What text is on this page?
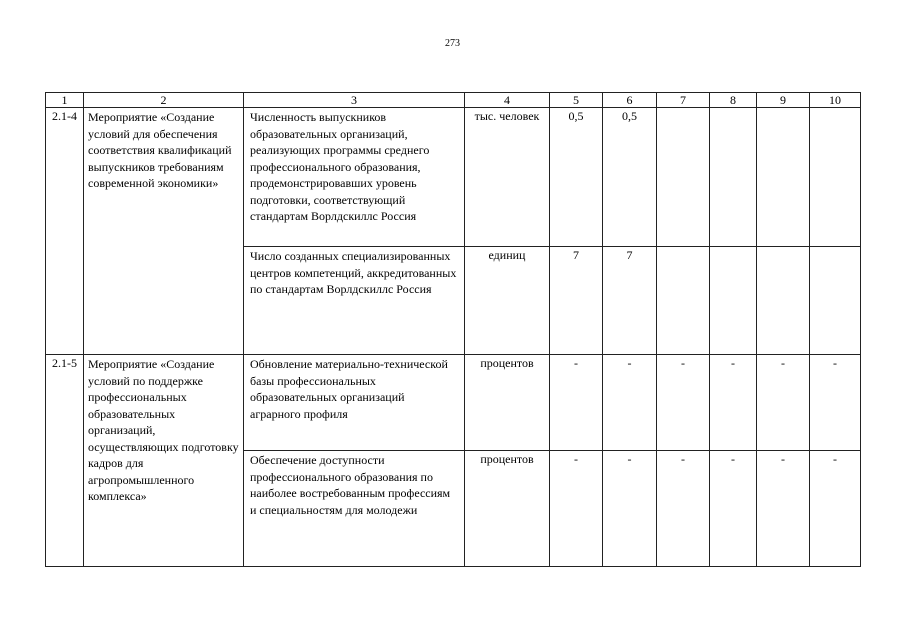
273
1	2	3	4	5	6	7	8	9	10
2.1-4	Мероприятие «Создание условий для обеспечения соответствия квалификаций выпускников требованиям современной экономики»	Численность выпускников образовательных организаций, реализующих программы среднего профессионального образования, продемонстрировавших уровень подготовки, соответствующий стандартам Ворлдскиллс Россия	тыс. человек	0,5	0,5				
		Число созданных специализированных центров компетенций, аккредитованных по стандартам Ворлдскиллс Россия	единиц	7	7				
2.1-5	Мероприятие «Создание условий по поддержке профессиональных образовательных организаций, осуществляющих подготовку кадров для агропромышленного комплекса»	Обновление материально-технической базы профессиональных образовательных организаций аграрного профиля	процентов	-	-	-	-	-	-
		Обеспечение доступности профессионального образования по наиболее востребованным профессиям и специальностям для молодежи	процентов	-	-	-	-	-	-
